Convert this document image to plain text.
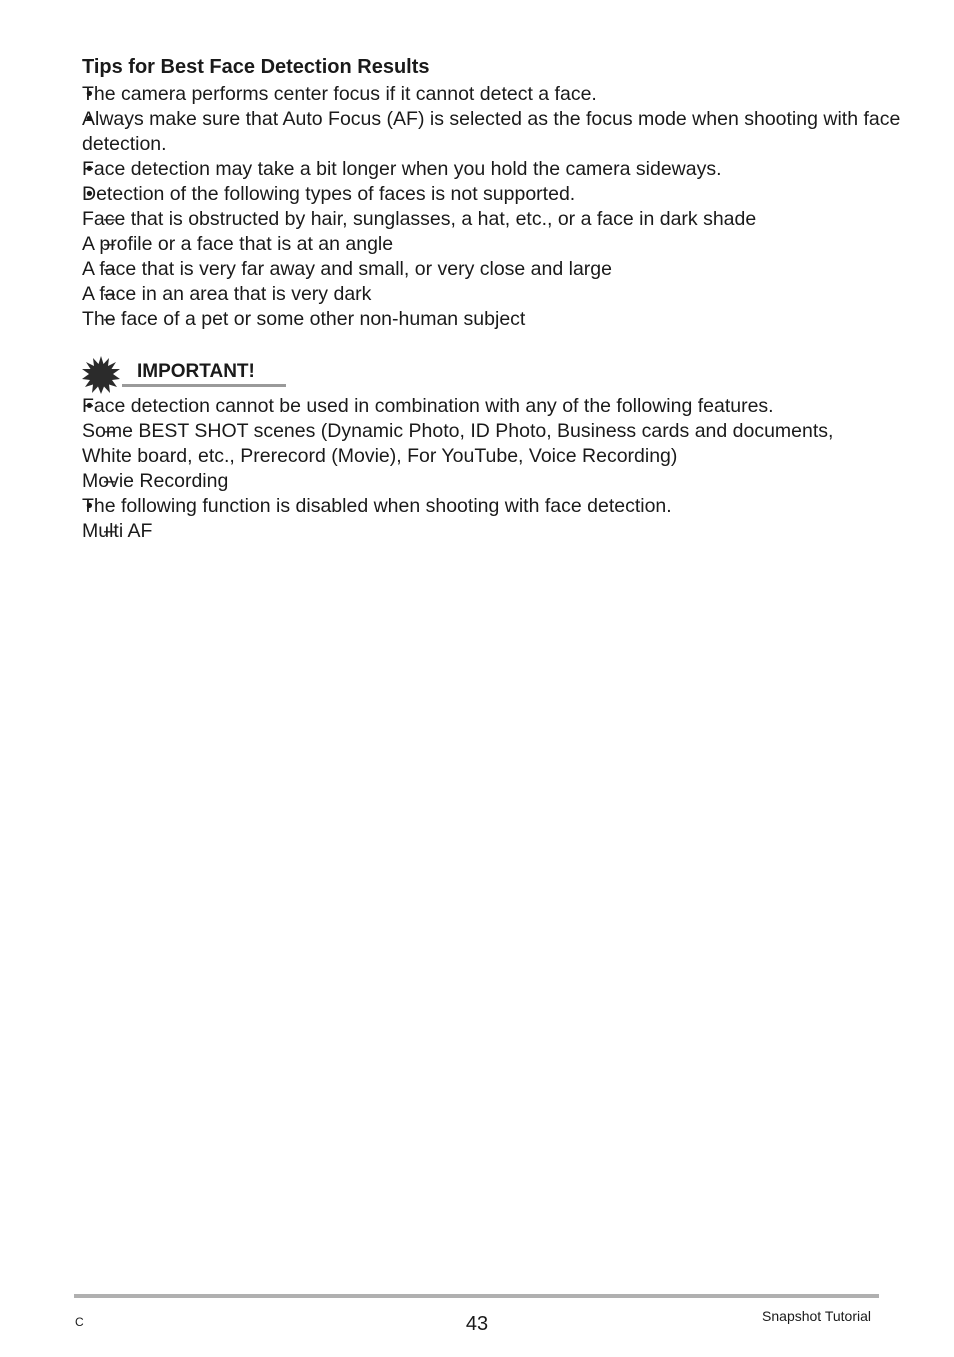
Tips for Best Face Detection Results
• The camera performs center focus if it cannot detect a face.
• Always make sure that Auto Focus (AF) is selected as the focus mode when shooting with face detection.
• Face detection may take a bit longer when you hold the camera sideways.
• Detection of the following types of faces is not supported.
– Face that is obstructed by hair, sunglasses, a hat, etc., or a face in dark shade
– A profile or a face that is at an angle
– A face that is very far away and small, or very close and large
– A face in an area that is very dark
– The face of a pet or some other non-human subject
IMPORTANT!
• Face detection cannot be used in combination with any of the following features.
– Some BEST SHOT scenes (Dynamic Photo, ID Photo, Business cards and documents, White board, etc., Prerecord (Movie), For YouTube, Voice Recording)
– Movie Recording
• The following function is disabled when shooting with face detection.
– Multi AF
C	43	Snapshot Tutorial
